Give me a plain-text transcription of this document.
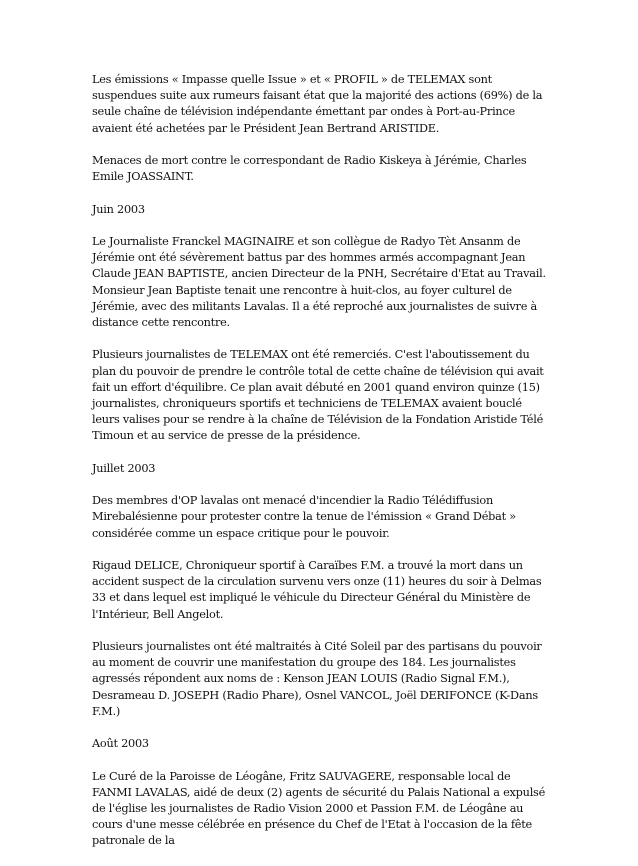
Les émissions « Impasse quelle Issue » et « PROFIL » de TELEMAX sont suspendues suite aux rumeurs faisant état que la majorité des actions (69%) de la seule chaîne de télévision indépendante émettant par ondes à Port-au-Prince avaient été achetées par le Président Jean Bertrand ARISTIDE.

Menaces de mort contre le correspondant de Radio Kiskeya à Jérémie, Charles Emile JOASSAINT.

Juin 2003

Le Journaliste Franckel MAGINAIRE et son collègue de Radyo Tèt Ansanm de Jérémie ont été sévèrement battus par des hommes armés accompagnant Jean Claude JEAN BAPTISTE, ancien Directeur de la PNH, Secrétaire d'Etat au Travail. Monsieur Jean Baptiste tenait une rencontre à huit-clos, au foyer culturel de Jérémie, avec des militants Lavalas. Il a été reproché aux journalistes de suivre à distance cette rencontre.

Plusieurs journalistes de TELEMAX ont été remerciés. C'est l'aboutissement du plan du pouvoir de prendre le contrôle total de cette chaîne de télévision qui avait fait un effort d'équilibre. Ce plan avait débuté en 2001 quand environ quinze (15) journalistes, chroniqueurs sportifs et techniciens de TELEMAX avaient bouclé leurs valises pour se rendre à la chaîne de Télévision de la Fondation Aristide Télé Timoun et au service de presse de la présidence.

Juillet 2003

Des membres d'OP lavalas ont menacé d'incendier la Radio Télédiffusion Mirebalésienne pour protester contre la tenue de l'émission « Grand Débat » considérée comme un espace critique pour le pouvoir.

Rigaud DELICE, Chroniqueur sportif à Caraïbes F.M. a trouvé la mort dans un accident suspect de la circulation survenu vers onze (11) heures du soir à Delmas 33 et dans lequel est impliqué le véhicule du Directeur Général du Ministère de l'Intérieur, Bell Angelot.

Plusieurs journalistes ont été maltraités à Cité Soleil par des partisans du pouvoir au moment de couvrir une manifestation du groupe des 184. Les journalistes agressés répondent aux noms de : Kenson JEAN LOUIS (Radio Signal F.M.), Desrameau D. JOSEPH (Radio Phare), Osnel VANCOL, Joël DERIFONCE (K-Dans F.M.)

Août 2003

Le Curé de la Paroisse de Léogâne, Fritz SAUVAGERE, responsable local de FANMI LAVALAS, aidé de deux (2) agents de sécurité du Palais National a expulsé de l'église les journalistes de Radio Vision 2000 et Passion F.M. de Léogâne au cours d'une messe célébrée en présence du Chef de l'Etat à l'occasion de la fête patronale de la
